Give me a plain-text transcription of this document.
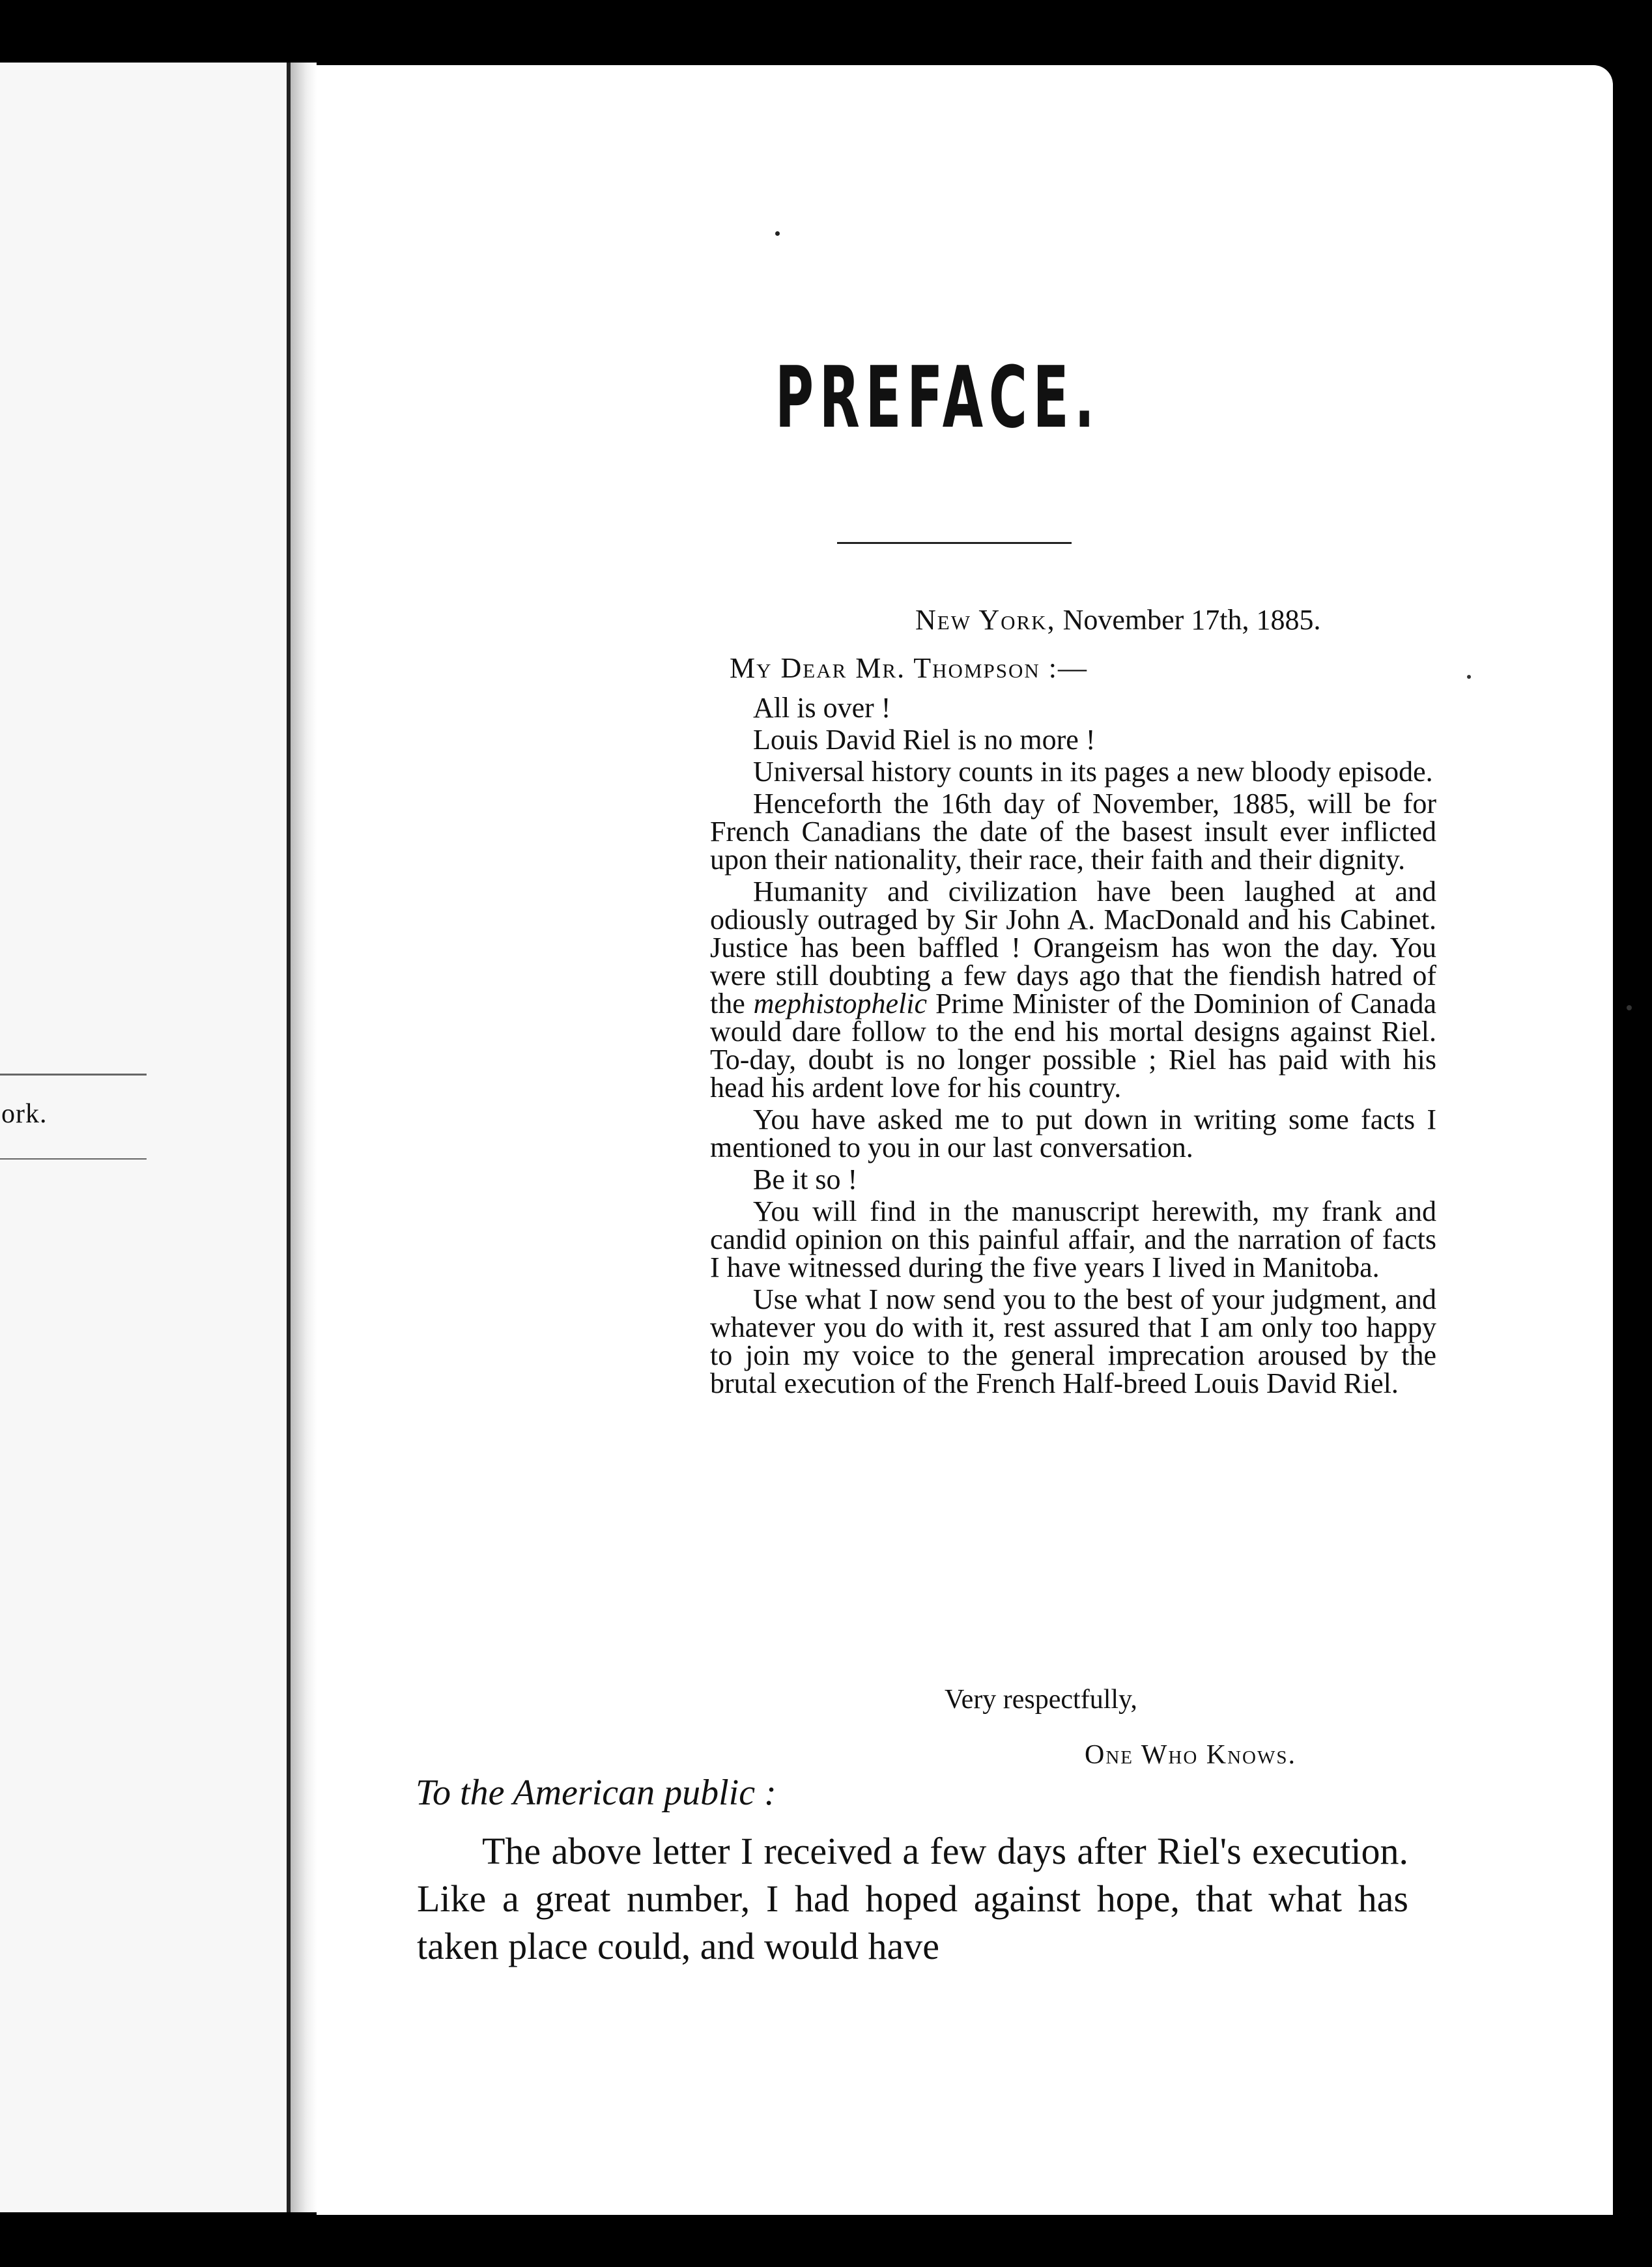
ork.
PREFACE.
New York, November 17th, 1885.
My Dear Mr. Thompson :—

All is over !

Louis David Riel is no more !

Universal history counts in its pages a new bloody episode.

Henceforth the 16th day of November, 1885, will be for French Canadians the date of the basest insult ever inflicted upon their nationality, their race, their faith and their dignity.

Humanity and civilization have been laughed at and odiously outraged by Sir John A. MacDonald and his Cabinet. Justice has been baffled ! Orangeism has won the day. You were still doubting a few days ago that the fiendish hatred of the mephistophelic Prime Minister of the Dominion of Canada would dare follow to the end his mortal designs against Riel. To-day, doubt is no longer possible ; Riel has paid with his head his ardent love for his country.

You have asked me to put down in writing some facts I mentioned to you in our last conversation.

Be it so !

You will find in the manuscript herewith, my frank and candid opinion on this painful affair, and the narration of facts I have witnessed during the five years I lived in Manitoba.

Use what I now send you to the best of your judgment, and whatever you do with it, rest assured that I am only too happy to join my voice to the general imprecation aroused by the brutal execution of the French Half-breed Louis David Riel.

Very respectfully,
One Who Knows.
To the American public :

The above letter I received a few days after Riel's execution. Like a great number, I had hoped against hope, that what has taken place could, and would have
